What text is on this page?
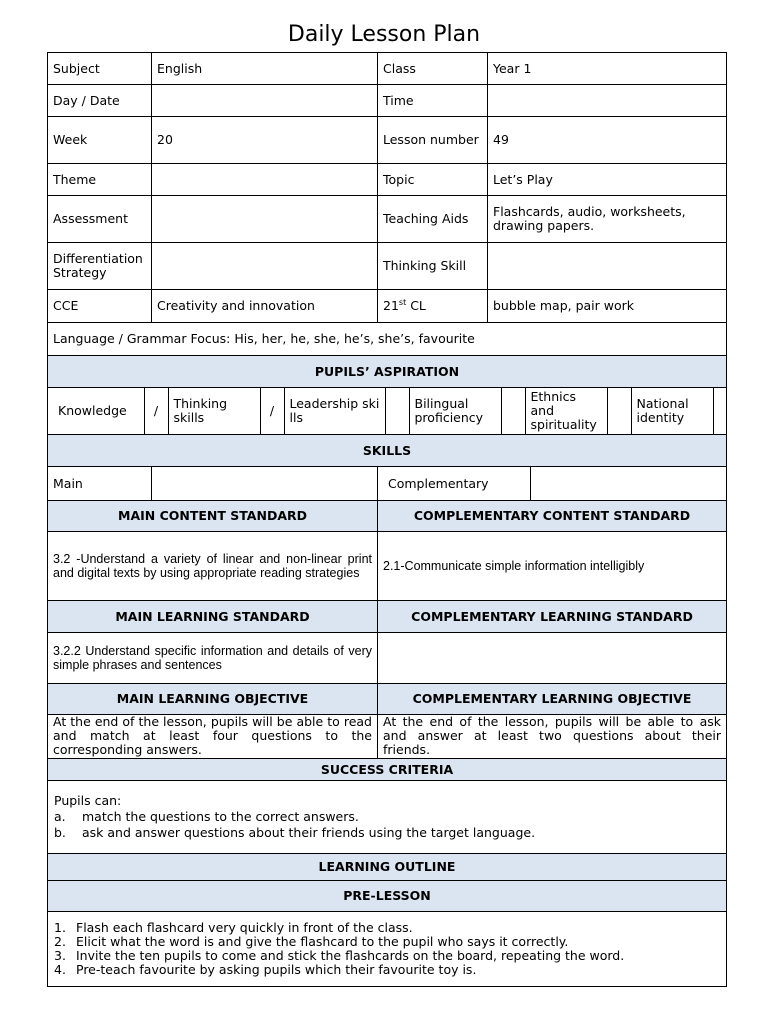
Daily Lesson Plan
Subject	English	Class	Year 1
Day / Date		Time	
Week	20	Lesson number	49
Theme		Topic	Let’s Play
Assessment		Teaching Aids	Flashcards, audio, worksheets, drawing papers.
Differentiation Strategy		Thinking Skill	
CCE	Creativity and innovation	21st CL	bubble map, pair work
Language / Grammar Focus: His, her, he, she, he’s, she’s, favourite
PUPILS’ ASPIRATION

Knowledge	/	Thinking skills	/	Leadership skills		Bilingual proficiency		Ethnics and spirituality		National identity	

SKILLS
Main			Complementary	

MAIN CONTENT STANDARD	COMPLEMENTARY CONTENT STANDARD
3.2 -Understand a variety of linear and non-linear print and digital texts by using appropriate reading strategies	2.1-Communicate simple information intelligibly
MAIN LEARNING STANDARD	COMPLEMENTARY LEARNING STANDARD
3.2.2 Understand specific information and details of very simple phrases and sentences	
MAIN LEARNING OBJECTIVE	COMPLEMENTARY LEARNING OBJECTIVE
At the end of the lesson, pupils will be able to read and match at least four questions to the corresponding answers.	At the end of the lesson, pupils will be able to ask and answer at least two questions about their friends.
SUCCESS CRITERIA

Pupils can:
a. match the questions to the correct answers.
b. ask and answer questions about their friends using the target language.

LEARNING OUTLINE
PRE-LESSON

1. Flash each flashcard very quickly in front of the class.
2. Elicit what the word is and give the flashcard to the pupil who says it correctly.
3. Invite the ten pupils to come and stick the flashcards on the board, repeating the word.
4. Pre-teach favourite by asking pupils which their favourite toy is.
